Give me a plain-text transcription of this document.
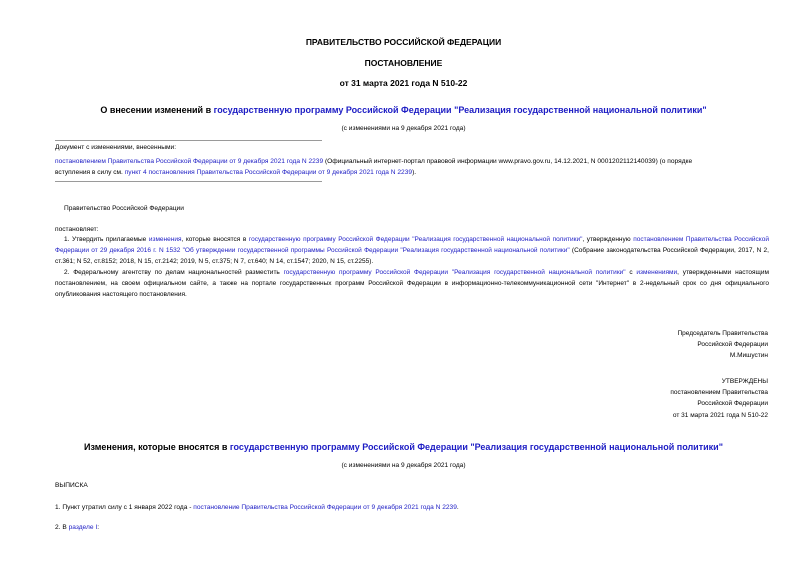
ПРАВИТЕЛЬСТВО РОССИЙСКОЙ ФЕДЕРАЦИИ
ПОСТАНОВЛЕНИЕ
от 31 марта 2021 года N 510-22
О внесении изменений в государственную программу Российской Федерации "Реализация государственной национальной политики"
(с изменениями на 9 декабря 2021 года)
Документ с изменениями, внесенными:
постановлением Правительства Российской Федерации от 9 декабря 2021 года N 2239 (Официальный интернет-портал правовой информации www.pravo.gov.ru, 14.12.2021, N 0001202112140039) (о порядке
вступления в силу см. пункт 4 постановления Правительства Российской Федерации от 9 декабря 2021 года N 2239).
Правительство Российской Федерации
постановляет:
1. Утвердить прилагаемые изменения, которые вносятся в государственную программу Российской Федерации "Реализация государственной национальной политики", утвержденную постановлением Правительства Российской Федерации от 29 декабря 2016 г. N 1532 "Об утверждении государственной программы Российской Федерации "Реализация государственной национальной политики" (Собрание законодательства Российской Федерации, 2017, N 2, ст.361; N 52, ст.8152; 2018, N 15, ст.2142; 2019, N 5, ст.375; N 7, ст.640; N 14, ст.1547; 2020, N 15, ст.2255).
2. Федеральному агентству по делам национальностей разместить государственную программу Российской Федерации "Реализация государственной национальной политики" с изменениями, утвержденными настоящим постановлением, на своем официальном сайте, а также на портале государственных программ Российской Федерации в информационно-телекоммуникационной сети "Интернет" в 2-недельный срок со дня официального опубликования настоящего постановления.
Председатель Правительства
Российской Федерации
М.Мишустин
УТВЕРЖДЕНЫ
постановлением Правительства
Российской Федерации
от 31 марта 2021 года N 510-22
Изменения, которые вносятся в государственную программу Российской Федерации "Реализация государственной национальной политики"
(с изменениями на 9 декабря 2021 года)
ВЫПИСКА
1. Пункт утратил силу с 1 января 2022 года - постановление Правительства Российской Федерации от 9 декабря 2021 года N 2239.
2. В разделе I:
